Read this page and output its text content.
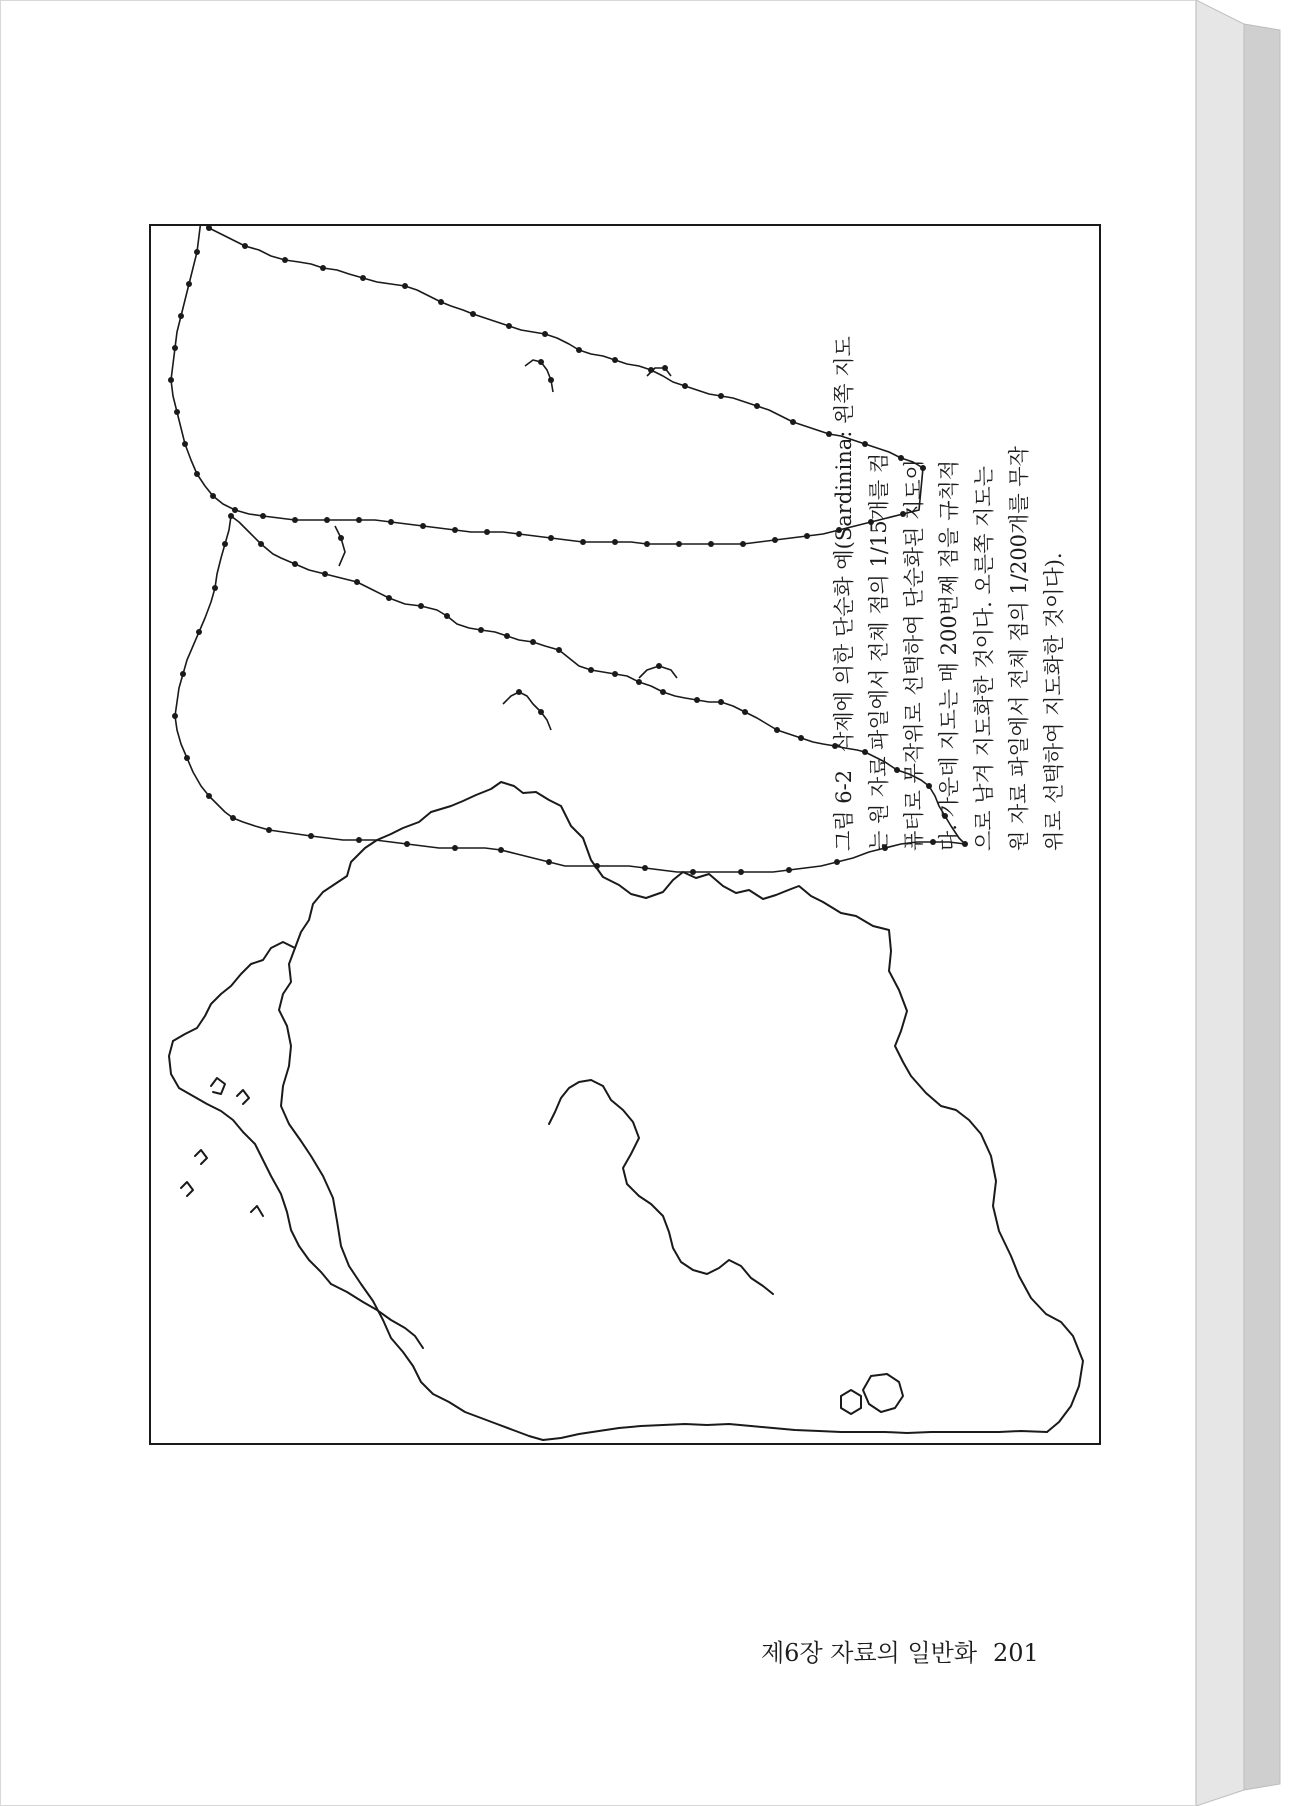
그림 6-2삭제에 의한 단순화 예(Sardinina: 왼쪽 지도 는 원 자료 파일에서 전체 점의 1/15개를 컴 퓨터로 무작위로 선택하여 단순화된 지도이 다. 가운데 지도는 매 200번째 점을 규칙적 으로 남겨 지도화한 것이다. 오른쪽 지도는 원 자료 파일에서 전체 점의 1/200개를 무작 위로 선택하여 지도화한 것이다).
제6장 자료의 일반화 201
